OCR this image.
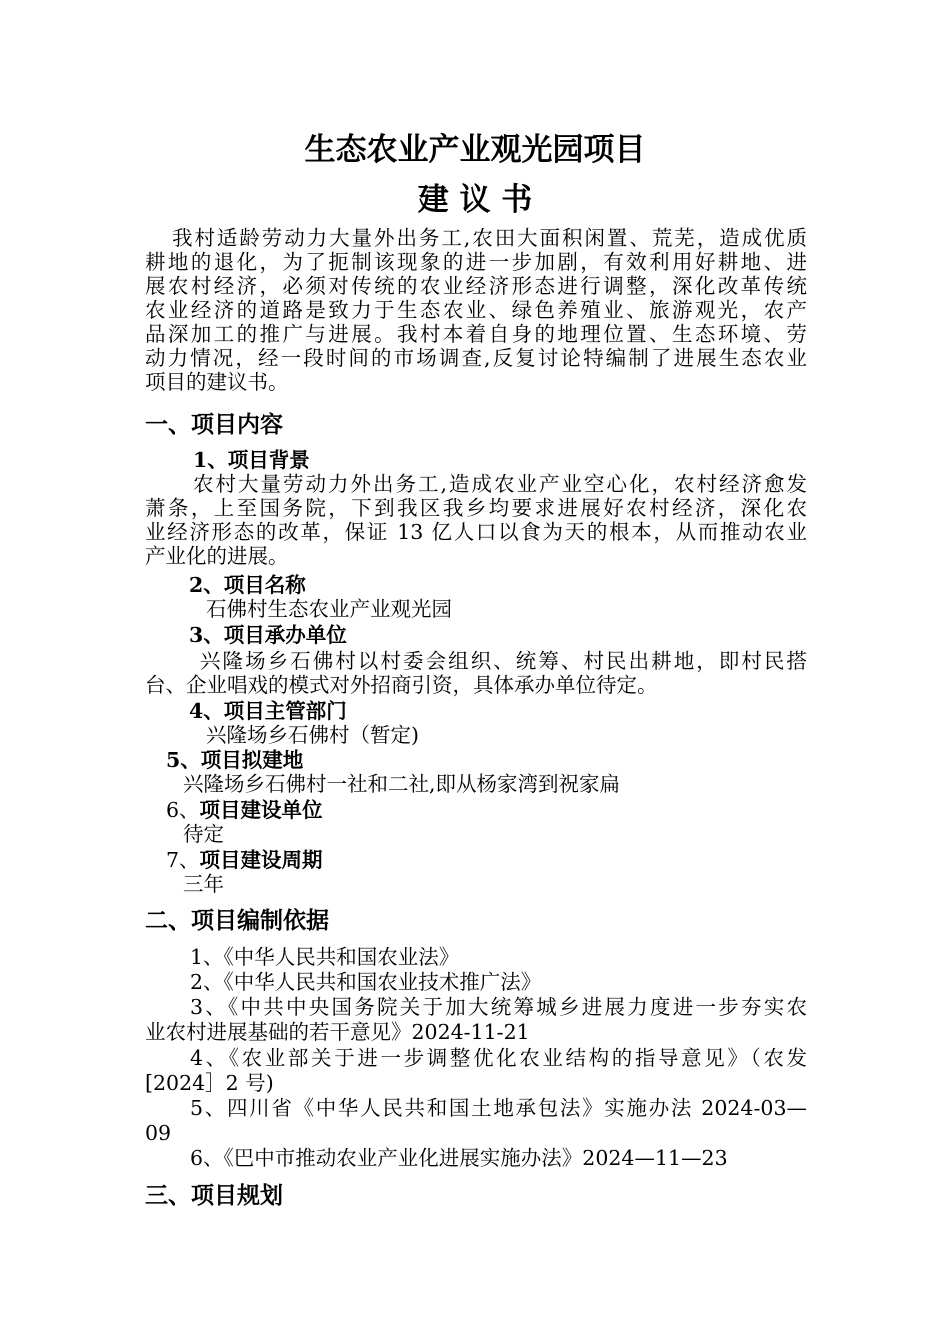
生态农业产业观光园项目
建 议 书
我村适龄劳动力大量外出务工,农田大面积闲置、荒芜，造成优质
耕地的退化，为了扼制该现象的进一步加剧，有效利用好耕地、进
展农村经济，必须对传统的农业经济形态进行调整，深化改革传统
农业经济的道路是致力于生态农业、绿色养殖业、旅游观光，农产
品深加工的推广与进展。我村本着自身的地理位置、生态环境、劳
动力情况，经一段时间的市场调查,反复讨论特编制了进展生态农业
项目的建议书。
一、项目内容
1、项目背景
农村大量劳动力外出务工,造成农业产业空心化，农村经济愈发
萧条，上至国务院，下到我区我乡均要求进展好农村经济，深化农
业经济形态的改革，保证 13 亿人口以食为天的根本，从而推动农业
产业化的进展。
2、项目名称
石佛村生态农业产业观光园
3、项目承办单位
兴隆场乡石佛村以村委会组织、统筹、村民出耕地，即村民搭
台、企业唱戏的模式对外招商引资，具体承办单位待定。
4、项目主管部门
兴隆场乡石佛村（暂定)
5、项目拟建地
兴隆场乡石佛村一社和二社,即从杨家湾到祝家扁
6、项目建设单位
待定
7、项目建设周期
三年
二、项目编制依据
1、《中华人民共和国农业法》
2、《中华人民共和国农业技术推广法》
3、《中共中央国务院关于加大统筹城乡进展力度进一步夯实农
业农村进展基础的若干意见》2024-11-21
4、《农业部关于进一步调整优化农业结构的指导意见》（农发
[2024］2 号)
5、四川省《中华人民共和国土地承包法》实施办法 2024-03—
09
6、《巴中市推动农业产业化进展实施办法》2024—11—23
三、项目规划
